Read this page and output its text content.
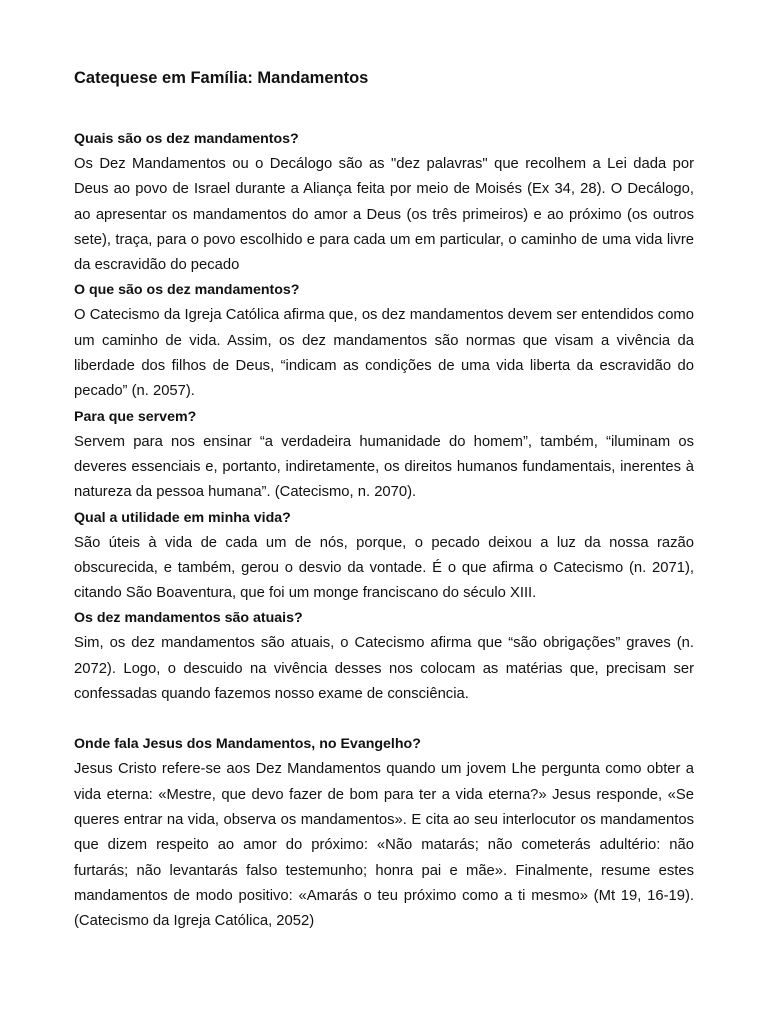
Catequese em Família: Mandamentos
Quais são os dez mandamentos?
Os Dez Mandamentos ou o Decálogo são as "dez palavras" que recolhem a Lei dada por Deus ao povo de Israel durante a Aliança feita por meio de Moisés (Ex 34, 28). O Decálogo, ao apresentar os mandamentos do amor a Deus (os três primeiros) e ao próximo (os outros sete), traça, para o povo escolhido e para cada um em particular, o caminho de uma vida livre da escravidão do pecado
O que são os dez mandamentos?
O Catecismo da Igreja Católica afirma que, os dez mandamentos devem ser entendidos como um caminho de vida. Assim, os dez mandamentos são normas que visam a vivência da liberdade dos filhos de Deus, “indicam as condições de uma vida liberta da escravidão do pecado” (n. 2057).
Para que servem?
Servem para nos ensinar “a verdadeira humanidade do homem”, também, “iluminam os deveres essenciais e, portanto, indiretamente, os direitos humanos fundamentais, inerentes à natureza da pessoa humana”. (Catecismo, n. 2070).
Qual a utilidade em minha vida?
São úteis à vida de cada um de nós, porque, o pecado deixou a luz da nossa razão obscurecida, e também, gerou o desvio da vontade. É o que afirma o Catecismo (n. 2071), citando São Boaventura, que foi um monge franciscano do século XIII.
Os dez mandamentos são atuais?
Sim, os dez mandamentos são atuais, o Catecismo afirma que “são obrigações” graves (n. 2072). Logo, o descuido na vivência desses nos colocam as matérias que, precisam ser confessadas quando fazemos nosso exame de consciência.
Onde fala Jesus dos Mandamentos, no Evangelho?
Jesus Cristo refere-se aos Dez Mandamentos quando um jovem Lhe pergunta como obter a vida eterna: «Mestre, que devo fazer de bom para ter a vida eterna?» Jesus responde, «Se queres entrar na vida, observa os mandamentos». E cita ao seu interlocutor os mandamentos que dizem respeito ao amor do próximo: «Não matarás; não cometerás adultério: não furtarás; não levantarás falso testemunho; honra pai e mãe». Finalmente, resume estes mandamentos de modo positivo: «Amarás o teu próximo como a ti mesmo» (Mt 19, 16-19). (Catecismo da Igreja Católica, 2052)
